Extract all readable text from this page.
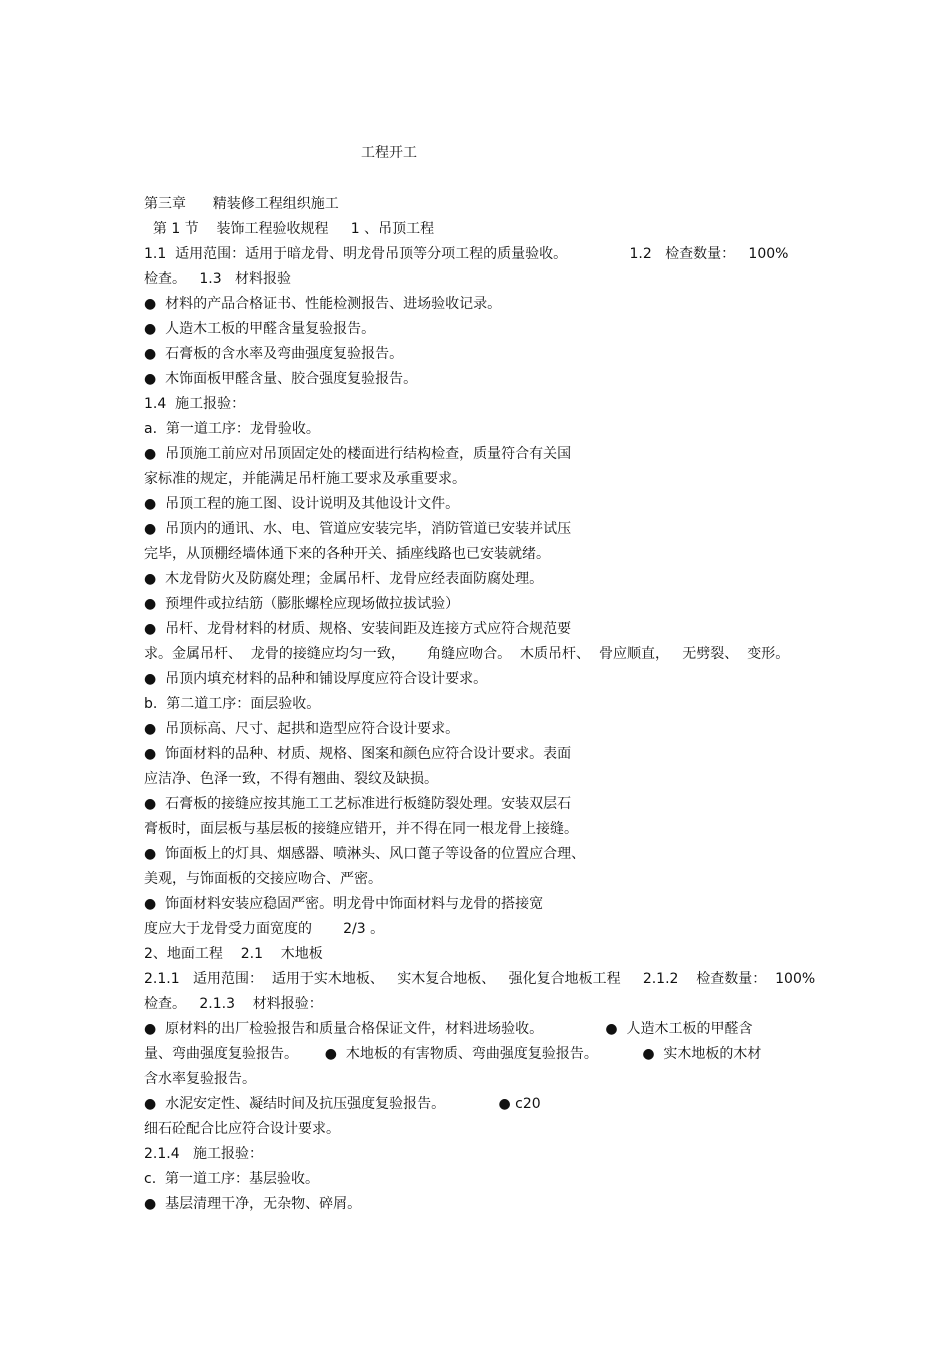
工程开工
第三章      精装修工程组织施工
第 1 节    装饰工程验收规程     1 、吊顶工程
1.1  适用范围：适用于暗龙骨、明龙骨吊顶等分项工程的质量验收。              1.2   检查数量：   100%
检查。   1.3   材料报验
●  材料的产品合格证书、性能检测报告、进场验收记录。
●  人造木工板的甲醛含量复验报告。
●  石膏板的含水率及弯曲强度复验报告。
●  木饰面板甲醛含量、胶合强度复验报告。
1.4  施工报验：
a.  第一道工序：龙骨验收。
●  吊顶施工前应对吊顶固定处的楼面进行结构检查，质量符合有关国
家标准的规定，并能满足吊杆施工要求及承重要求。
●  吊顶工程的施工图、设计说明及其他设计文件。
●  吊顶内的通讯、水、电、管道应安装完毕，消防管道已安装并试压
完毕，从顶棚经墙体通下来的各种开关、插座线路也已安装就绪。
●  木龙骨防火及防腐处理；金属吊杆、龙骨应经表面防腐处理。
●  预埋件或拉结筋（膨胀螺栓应现场做拉拔试验）
●  吊杆、龙骨材料的材质、规格、安装间距及连接方式应符合规范要
求。金属吊杆、  龙骨的接缝应均匀一致，     角缝应吻合。  木质吊杆、  骨应顺直，   无劈裂、  变形。
●  吊顶内填充材料的品种和铺设厚度应符合设计要求。
b.  第二道工序：面层验收。
●  吊顶标高、尺寸、起拱和造型应符合设计要求。
●  饰面材料的品种、材质、规格、图案和颜色应符合设计要求。表面
应洁净、色泽一致，不得有翘曲、裂纹及缺损。
●  石膏板的接缝应按其施工工艺标准进行板缝防裂处理。安装双层石
膏板时，面层板与基层板的接缝应错开，并不得在同一根龙骨上接缝。
●  饰面板上的灯具、烟感器、喷淋头、风口蓖子等设备的位置应合理、
美观，与饰面板的交接应吻合、严密。
●  饰面材料安装应稳固严密。明龙骨中饰面材料与龙骨的搭接宽
度应大于龙骨受力面宽度的       2/3 。
2、地面工程    2.1    木地板
2.1.1   适用范围：  适用于实木地板、   实木复合地板、   强化复合地板工程     2.1.2    检查数量：  100%
检查。   2.1.3    材料报验：
●  原材料的出厂检验报告和质量合格保证文件，材料进场验收。              ●  人造木工板的甲醛含
量、弯曲强度复验报告。      ●  木地板的有害物质、弯曲强度复验报告。          ●  实木地板的木材
含水率复验报告。
●  水泥安定性、凝结时间及抗压强度复验报告。            ● c20
细石砼配合比应符合设计要求。
2.1.4   施工报验：
c.  第一道工序：基层验收。
●  基层清理干净，无杂物、碎屑。
